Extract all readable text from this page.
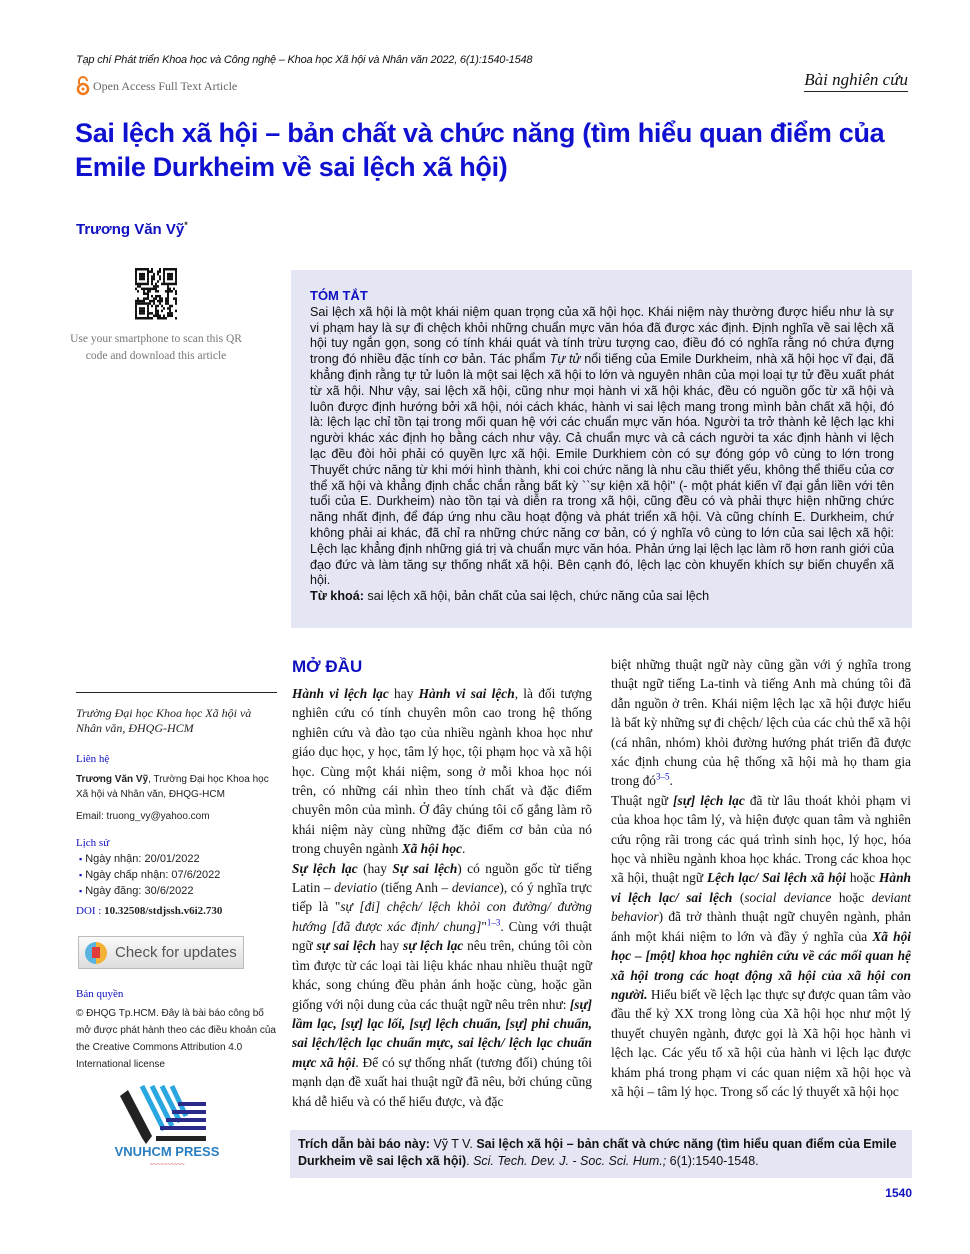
Tạp chí Phát triển Khoa học và Công nghệ – Khoa học Xã hội và Nhân văn 2022, 6(1):1540-1548
Open Access Full Text Article	Bài nghiên cứu
Sai lệch xã hội – bản chất và chức năng (tìm hiểu quan điểm của Emile Durkheim về sai lệch xã hội)
Trương Văn Vỹ*
Use your smartphone to scan this QR code and download this article
TÓM TẮT

Sai lệch xã hội là một khái niệm quan trọng của xã hội học. Khái niệm này thường được hiểu như là sự vi phạm hay là sự đi chệch khỏi những chuẩn mực văn hóa đã được xác định. Định nghĩa về sai lệch xã hội tuy ngắn gọn, song có tính khái quát và tính trừu tượng cao, điều đó có nghĩa rằng nó chứa đựng trong đó nhiều đặc tính cơ bản. Tác phẩm Tự tử nổi tiếng của Emile Durkheim, nhà xã hội học vĩ đại, đã khẳng định rằng tự tử luôn là một sai lệch xã hội to lớn và nguyên nhân của mọi loại tự tử đều xuất phát từ xã hội. Như vậy, sai lệch xã hội, cũng như mọi hành vi xã hội khác, đều có nguồn gốc từ xã hội và luôn được định hướng bởi xã hội, nói cách khác, hành vi sai lệch mang trong mình bản chất xã hội, đó là: lệch lạc chỉ tồn tại trong mối quan hệ với các chuẩn mực văn hóa. Người ta trở thành kẻ lệch lạc khi người khác xác định họ bằng cách như vậy. Cả chuẩn mực và cả cách người ta xác định hành vi lệch lạc đều đòi hỏi phải có quyền lực xã hội. Emile Durkhiem còn có sự đóng góp vô cùng to lớn trong Thuyết chức năng từ khi mới hình thành, khi coi chức năng là nhu cầu thiết yếu, không thể thiếu của cơ thể xã hội và khẳng định chắc chắn rằng bất kỳ ``sự kiện xã hội'' (- một phát kiến vĩ đại gắn liền với tên tuổi của E. Durkheim) nào tồn tại và diễn ra trong xã hội, cũng đều có và phải thực hiện những chức năng nhất định, để đáp ứng nhu cầu hoạt động và phát triển xã hội. Và cũng chính E. Durkheim, chứ không phải ai khác, đã chỉ ra những chức năng cơ bản, có ý nghĩa vô cùng to lớn của sai lệch xã hội: Lệch lạc khẳng định những giá trị và chuẩn mực văn hóa. Phản ứng lại lệch lạc làm rõ hơn ranh giới của đạo đức và làm tăng sự thống nhất xã hội. Bên cạnh đó, lệch lạc còn khuyến khích sự biến chuyển xã hội.

Từ khoá: sai lệch xã hội, bản chất của sai lệch, chức năng của sai lệch

Trường Đại học Khoa học Xã hội và Nhân văn, ĐHQG-HCM
Liên hệ
Trương Văn Vỹ, Trường Đại học Khoa học Xã hội và Nhân văn, ĐHQG-HCM
Email: truong_vy@yahoo.com
Lịch sử
▪ Ngày nhận: 20/01/2022
▪ Ngày chấp nhận: 07/6/2022
▪ Ngày đăng: 30/6/2022
DOI : 10.32508/stdjssh.v6i2.730
Check for updates
Bản quyền
© ĐHQG Tp.HCM. Đây là bài báo công bố mở được phát hành theo các điều khoản của the Creative Commons Attribution 4.0 International license
VNUHCM PRESS
~~~~~~~~~~
MỞ ĐẦU

Hành vi lệch lạc hay Hành vi sai lệch, là đối tượng nghiên cứu có tính chuyên môn cao trong hệ thống nghiên cứu và đào tạo của nhiều ngành khoa học như giáo dục học, y học, tâm lý học, tội phạm học và xã hội học. Cùng một khái niệm, song ở mỗi khoa học nói trên, có những cái nhìn theo tính chất và đặc điểm chuyên môn của mình. Ở đây chúng tôi cố gắng làm rõ khái niệm này cùng những đặc điểm cơ bản của nó trong chuyên ngành Xã hội học.

Sự lệch lạc (hay Sự sai lệch) có nguồn gốc từ tiếng Latin – deviatio (tiếng Anh – deviance), có ý nghĩa trực tiếp là "sự [đi] chệch/ lệch khỏi con đường/ đường hướng [đã được xác định/ chung]"$^{1-3}$. Cùng với thuật ngữ sự sai lệch hay sự lệch lạc nêu trên, chúng tôi còn tìm được từ các loại tài liệu khác nhau nhiều thuật ngữ khác, song chúng đều phản ánh hoặc cùng, hoặc gần giống với nội dung của các thuật ngữ nêu trên như: [sự] lầm lạc, [sự] lạc lối, [sự] lệch chuẩn, [sự] phi chuẩn, sai lệch/lệch lạc chuẩn mực, sai lệch/ lệch lạc chuẩn mực xã hội. Để có sự thống nhất (tương đối) chúng tôi mạnh dạn đề xuất hai thuật ngữ đã nêu, bởi chúng cũng khá dễ hiểu và có thể hiểu được, và đặc

biệt những thuật ngữ này cũng gần với ý nghĩa trong thuật ngữ tiếng La-tinh và tiếng Anh mà chúng tôi đã dẫn nguồn ở trên. Khái niệm lệch lạc xã hội được hiểu là bất kỳ những sự đi chệch/ lệch của các chủ thể xã hội (cá nhân, nhóm) khỏi đường hướng phát triển đã được xác định chung của hệ thống xã hội mà họ tham gia trong $đó^{3-5}$.

Thuật ngữ [sự] lệch lạc đã từ lâu thoát khỏi phạm vi của khoa học tâm lý, và hiện được quan tâm và nghiên cứu rộng rãi trong các quá trình sinh học, lý học, hóa học và nhiều ngành khoa học khác. Trong các khoa học xã hội, thuật ngữ Lệch lạc/ Sai lệch xã hội hoặc Hành vi lệch lạc/ sai lệch (social deviance hoặc deviant behavior) đã trở thành thuật ngữ chuyên ngành, phản ánh một khái niệm to lớn và đầy ý nghĩa của Xã hội học – [một] khoa học nghiên cứu về các mối quan hệ xã hội trong các hoạt động xã hội của xã hội con người. Hiểu biết về lệch lạc thực sự được quan tâm vào đầu thế kỷ XX trong lòng của Xã hội học như một lý thuyết chuyên ngành, được gọi là Xã hội học hành vi lệch lạc. Các yếu tố xã hội của hành vi lệch lạc được khám phá trong phạm vi các quan niệm xã hội học và xã hội – tâm lý học. Trong số các lý thuyết xã hội học

Trích dẫn bài báo này: Vỹ T V. Sai lệch xã hội – bản chất và chức năng (tìm hiểu quan điểm của Emile Durkheim về sai lệch xã hội). Sci. Tech. Dev. J. - Soc. Sci. Hum.; 6(1):1540-1548.
1540
